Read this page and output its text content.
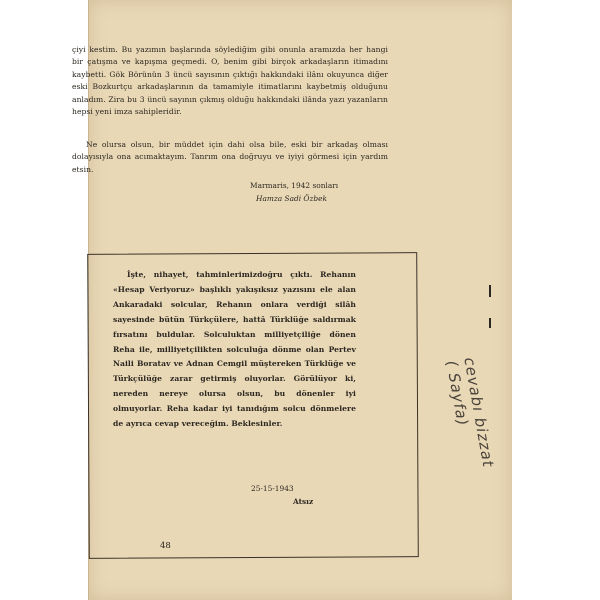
çiyi kestim. Bu yazımın başlarında söylediğim gibi onunla aramızda her hangi bir çatışma ve kapışma geçmedi. O, benim gibi birçok arkadaşların itimadını kaybetti. Gök Börünün 3 üncü sayısının çıktığı hakkındaki ilânı okuyunca diğer eski Bozkurtçu arkadaşlarının da tamamiyle itimatlarını kaybetmiş olduğunu anladım. Zira bu 3 üncü sayının çıkmış olduğu hakkındaki ilânda yazı yazanların hepsi yeni imza sahipleridir.
Ne olursa olsun, bir müddet için dahi olsa bile, eski bir arkadaş olması dolayısıyla ona acımaktayım. Tanrım ona doğruyu ve iyiyi görmesi için yardım etsin.
Marmaris, 1942 sonları
Hamza Sadi Özbek
İşte, nihayet, tahminlerimizdoğru çıktı. Rehanın «Hesap Veriyoruz» başlıklı yakışıksız yazısını ele alan Ankaradaki solcular, Rehanın onlara verdiği silâh sayesinde bütün Türkçülere, hattâ Türklüğe saldırmak fırsatını buldular. Solculuktan milliyetçiliğe dönen Reha ile, milliyetçilikten solculuğa dönme olan Pertev Naili Boratav ve Adnan Cemgil müştereken Türklüğe ve Türkçülüğe zarar getirmiş oluyorlar. Görülüyor ki, nereden nereye olursa olsun, bu dönenler iyi olmuyorlar. Reha kadar iyi tanıdığım solcu dönmelere de ayrıca cevap vereceğim. Beklesinler.
25-15-1943
Atsız
48
cevabı bizzat ( Sayfa)
